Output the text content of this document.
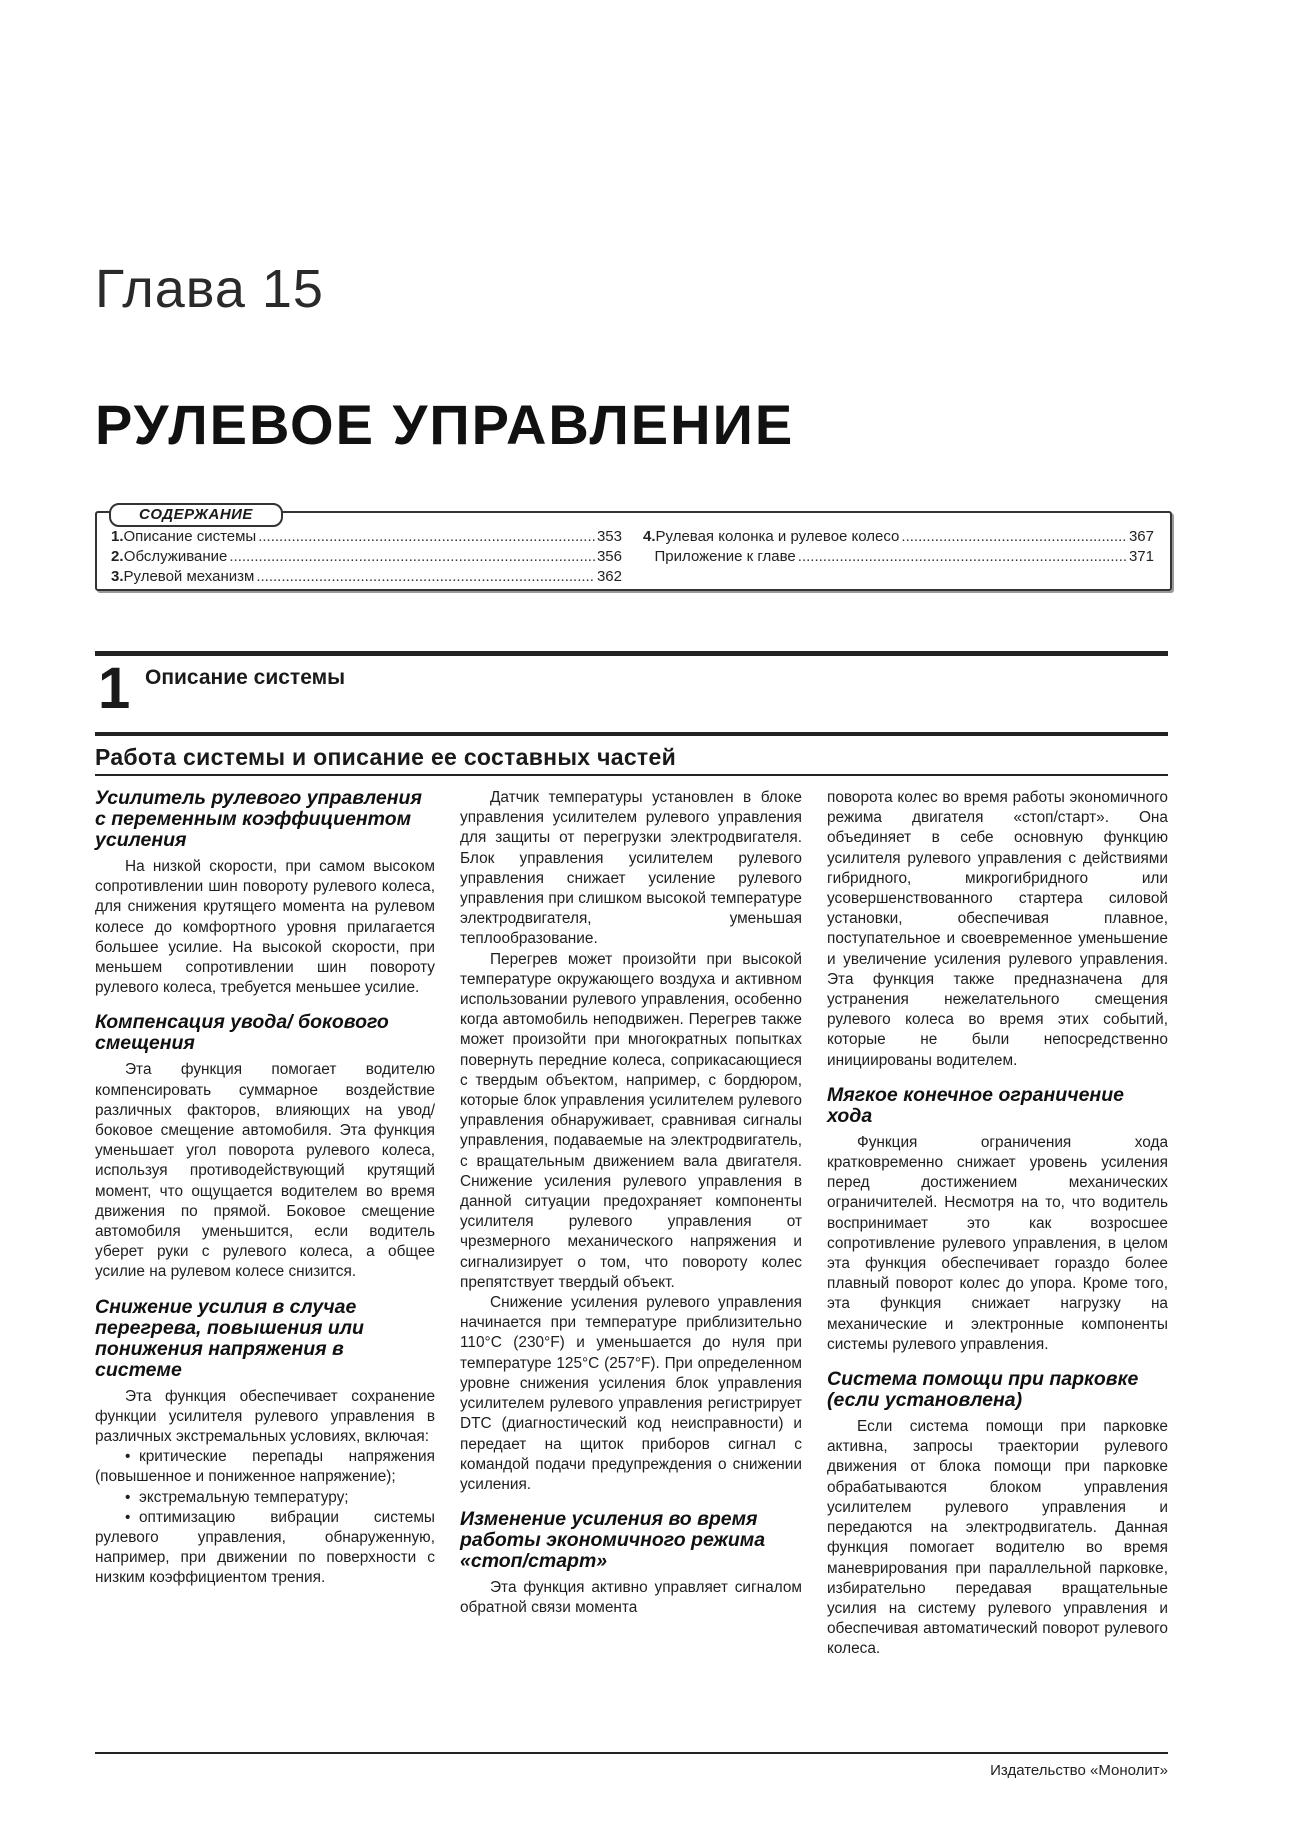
Глава 15
РУЛЕВОЕ УПРАВЛЕНИЕ
СОДЕРЖАНИЕ
1. Описание системы .....	353
2. Обслуживание .....	356
3. Рулевой механизм .....	362
4. Рулевая колонка и рулевое колесо .....	367
Приложение к главе .....	371
1 Описание системы
Работа системы и описание ее составных частей
Усилитель рулевого управления с переменным коэффициентом усиления

На низкой скорости, при самом высоком сопротивлении шин повороту рулевого колеса, для снижения крутящего момента на рулевом колесе до комфортного уровня прилагается большее усилие. На высокой скорости, при меньшем сопротивлении шин повороту рулевого колеса, требуется меньшее усилие.

Компенсация увода/ бокового смещения

Эта функция помогает водителю компенсировать суммарное воздействие различных факторов, влияющих на увод/боковое смещение автомобиля. Эта функция уменьшает угол поворота рулевого колеса, используя противодействующий крутящий момент, что ощущается водителем во время движения по прямой. Боковое смещение автомобиля уменьшится, если водитель уберет руки с рулевого колеса, а общее усилие на рулевом колесе снизится.

Снижение усилия в случае перегрева, повышения или понижения напряжения в системе

Эта функция обеспечивает сохранение функции усилителя рулевого управления в различных экстремальных условиях, включая:

• критические перепады напряжения (повышенное и пониженное напряжение);
• экстремальную температуру;
• оптимизацию вибрации системы рулевого управления, обнаруженную, например, при движении по поверхности с низким коэффициентом трения.

Датчик температуры установлен в блоке управления усилителем рулевого управления для защиты от перегрузки электродвигателя. Блок управления усилителем рулевого управления снижает усиление рулевого управления при слишком высокой температуре электродвигателя, уменьшая теплообразование.

Перегрев может произойти при высокой температуре окружающего воздуха и активном использовании рулевого управления, особенно когда автомобиль неподвижен. Перегрев также может произойти при многократных попытках повернуть передние колеса, соприкасающиеся с твердым объектом, например, с бордюром, которые блок управления усилителем рулевого управления обнаруживает, сравнивая сигналы управления, подаваемые на электродвигатель, с вращательным движением вала двигателя. Снижение усиления рулевого управления в данной ситуации предохраняет компоненты усилителя рулевого управления от чрезмерного механического напряжения и сигнализирует о том, что повороту колес препятствует твердый объект.

Снижение усиления рулевого управления начинается при температуре приблизительно 110°С (230°F) и уменьшается до нуля при температуре 125°С (257°F). При определенном уровне снижения усиления блок управления усилителем рулевого управления регистрирует DTC (диагностический код неисправности) и передает на щиток приборов сигнал с командой подачи предупреждения о снижении усиления.

Изменение усиления во время работы экономичного режима «стоп/старт»

Эта функция активно управляет сигналом обратной связи момента

поворота колес во время работы экономичного режима двигателя «стоп/старт». Она объединяет в себе основную функцию усилителя рулевого управления с действиями гибридного, микрогибридного или усовершенствованного стартера силовой установки, обеспечивая плавное, поступательное и своевременное уменьшение и увеличение усиления рулевого управления. Эта функция также предназначена для устранения нежелательного смещения рулевого колеса во время этих событий, которые не были непосредственно инициированы водителем.

Мягкое конечное ограничение хода

Функция ограничения хода кратковременно снижает уровень усиления перед достижением механических ограничителей. Несмотря на то, что водитель воспринимает это как возросшее сопротивление рулевого управления, в целом эта функция обеспечивает гораздо более плавный поворот колес до упора. Кроме того, эта функция снижает нагрузку на механические и электронные компоненты системы рулевого управления.

Система помощи при парковке (если установлена)

Если система помощи при парковке активна, запросы траектории рулевого движения от блока помощи при парковке обрабатываются блоком управления усилителем рулевого управления и передаются на электродвигатель. Данная функция помогает водителю во время маневрирования при параллельной парковке, избирательно передавая вращательные усилия на систему рулевого управления и обеспечивая автоматический поворот рулевого колеса.

Издательство «Монолит»
